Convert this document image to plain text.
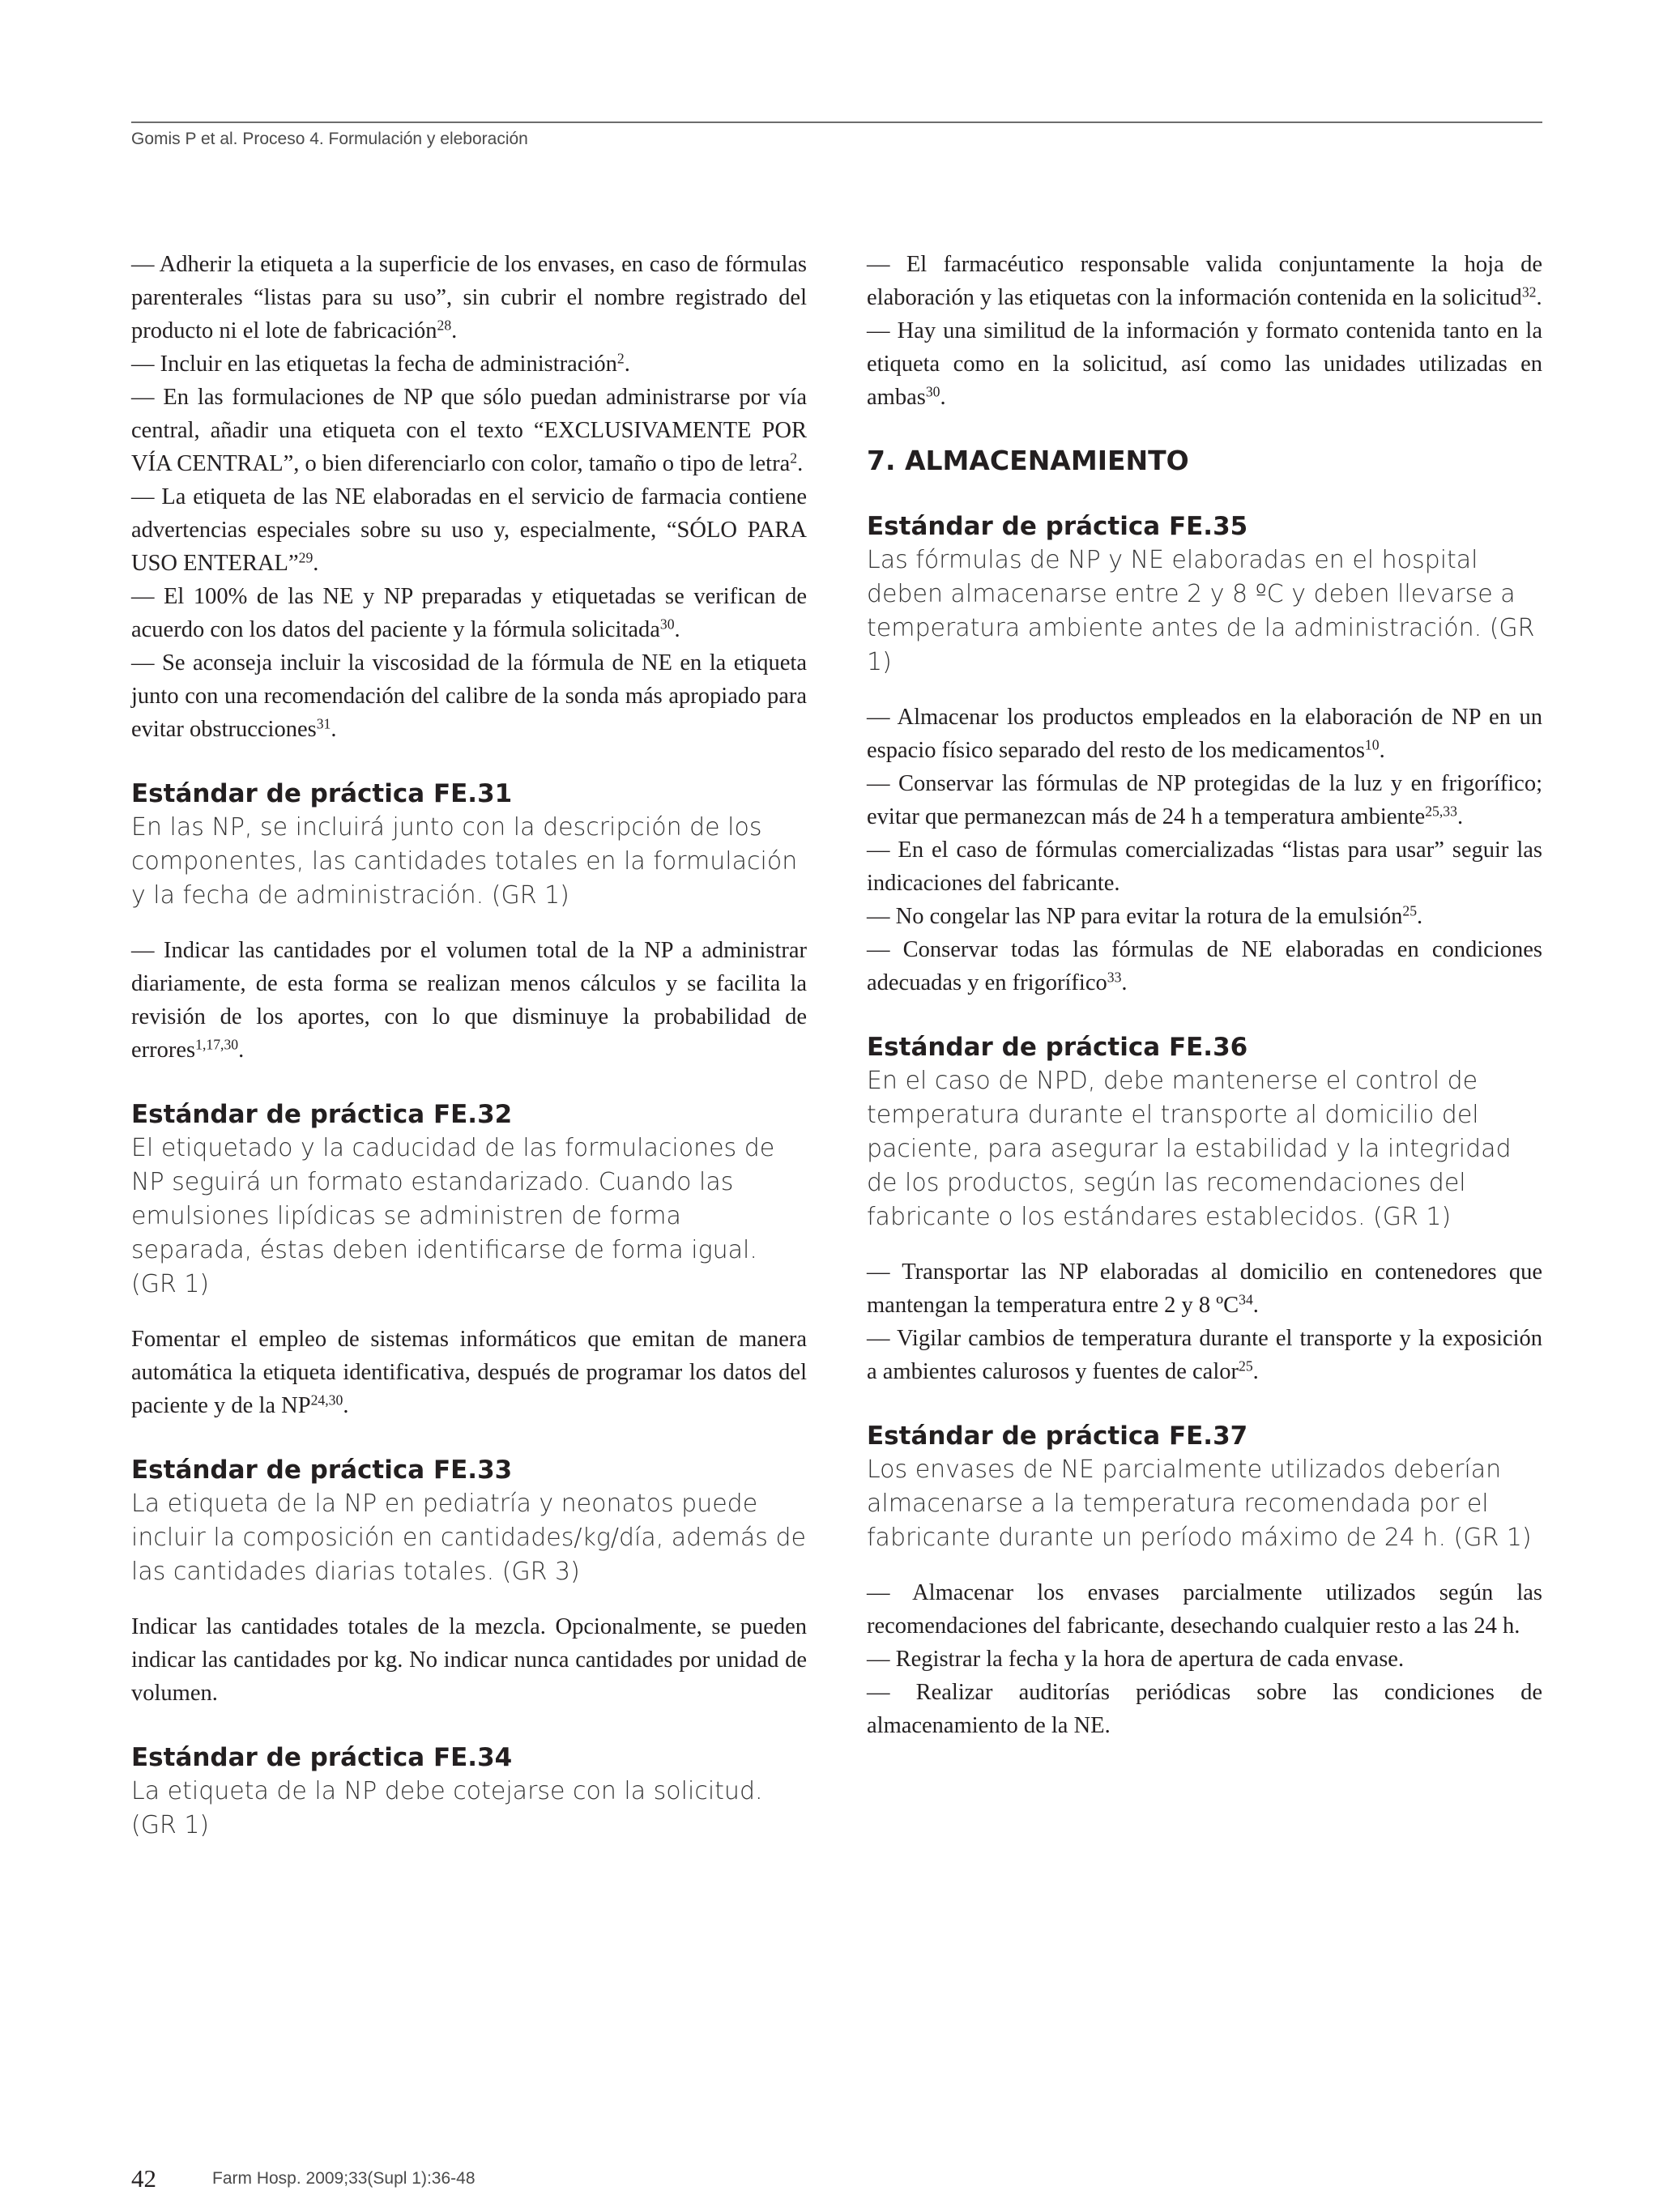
Gomis P et al. Proceso 4. Formulación y eleboración

— Adherir la etiqueta a la superficie de los envases, en caso de fórmulas parenterales “listas para su uso”, sin cubrir el nombre registrado del producto ni el lote de fabricación$^{28}$.

— Incluir en las etiquetas la fecha de administración$^2$.

— En las formulaciones de NP que sólo puedan administrarse por vía central, añadir una etiqueta con el texto “EXCLUSIVAMENTE POR VÍA CENTRAL”, o bien diferenciarlo con color, tamaño o tipo de letra$^2$.

— La etiqueta de las NE elaboradas en el servicio de farmacia contiene advertencias especiales sobre su uso y, especialmente, “SÓLO PARA USO ENTERAL”$^{29}$.

— El 100% de las NE y NP preparadas y etiquetadas se verifican de acuerdo con los datos del paciente y la fórmula solicitada$^{30}$.

— Se aconseja incluir la viscosidad de la fórmula de NE en la etiqueta junto con una recomendación del calibre de la sonda más apropiado para evitar obstrucciones$^{31}$.

Estándar de práctica FE.31

En las NP, se incluirá junto con la descripción de los componentes, las cantidades totales en la formulación y la fecha de administración. (GR 1)

— Indicar las cantidades por el volumen total de la NP a administrar diariamente, de esta forma se realizan menos cálculos y se facilita la revisión de los aportes, con lo que disminuye la probabilidad de errores$^{1,17,30}$.

Estándar de práctica FE.32

El etiquetado y la caducidad de las formulaciones de NP seguirá un formato estandarizado. Cuando las emulsiones lipídicas se administren de forma separada, éstas deben identificarse de forma igual. (GR 1)

Fomentar el empleo de sistemas informáticos que emitan de manera automática la etiqueta identificativa, después de programar los datos del paciente y de la NP$^{24,30}$.

Estándar de práctica FE.33

La etiqueta de la NP en pediatría y neonatos puede incluir la composición en cantidades/kg/día, además de las cantidades diarias totales. (GR 3)

Indicar las cantidades totales de la mezcla. Opcionalmente, se pueden indicar las cantidades por kg. No indicar nunca cantidades por unidad de volumen.

Estándar de práctica FE.34

La etiqueta de la NP debe cotejarse con la solicitud. (GR 1)

— El farmacéutico responsable valida conjuntamente la hoja de elaboración y las etiquetas con la información contenida en la solicitud$^{32}$.

— Hay una similitud de la información y formato contenida tanto en la etiqueta como en la solicitud, así como las unidades utilizadas en ambas$^{30}$.

7. ALMACENAMIENTO
Estándar de práctica FE.35

Las fórmulas de NP y NE elaboradas en el hospital deben almacenarse entre 2 y 8 ºC y deben llevarse a temperatura ambiente antes de la administración. (GR 1)

— Almacenar los productos empleados en la elaboración de NP en un espacio físico separado del resto de los medicamentos$^{10}$.

— Conservar las fórmulas de NP protegidas de la luz y en frigorífico; evitar que permanezcan más de 24 h a temperatura ambiente$^{25,33}$.

— En el caso de fórmulas comercializadas “listas para usar” seguir las indicaciones del fabricante.

— No congelar las NP para evitar la rotura de la emulsión$^{25}$.

— Conservar todas las fórmulas de NE elaboradas en condiciones adecuadas y en frigorífico$^{33}$.

Estándar de práctica FE.36

En el caso de NPD, debe mantenerse el control de temperatura durante el transporte al domicilio del paciente, para asegurar la estabilidad y la integridad de los productos, según las recomendaciones del fabricante o los estándares establecidos. (GR 1)

— Transportar las NP elaboradas al domicilio en contenedores que mantengan la temperatura entre 2 y 8 ºC$^{34}$.

— Vigilar cambios de temperatura durante el transporte y la exposición a ambientes calurosos y fuentes de calor$^{25}$.

Estándar de práctica FE.37

Los envases de NE parcialmente utilizados deberían almacenarse a la temperatura recomendada por el fabricante durante un período máximo de 24 h. (GR 1)

— Almacenar los envases parcialmente utilizados según las recomendaciones del fabricante, desechando cualquier resto a las 24 h.

— Registrar la fecha y la hora de apertura de cada envase.

— Realizar auditorías periódicas sobre las condiciones de almacenamiento de la NE.

42	Farm Hosp. 2009;33(Supl 1):36-48
